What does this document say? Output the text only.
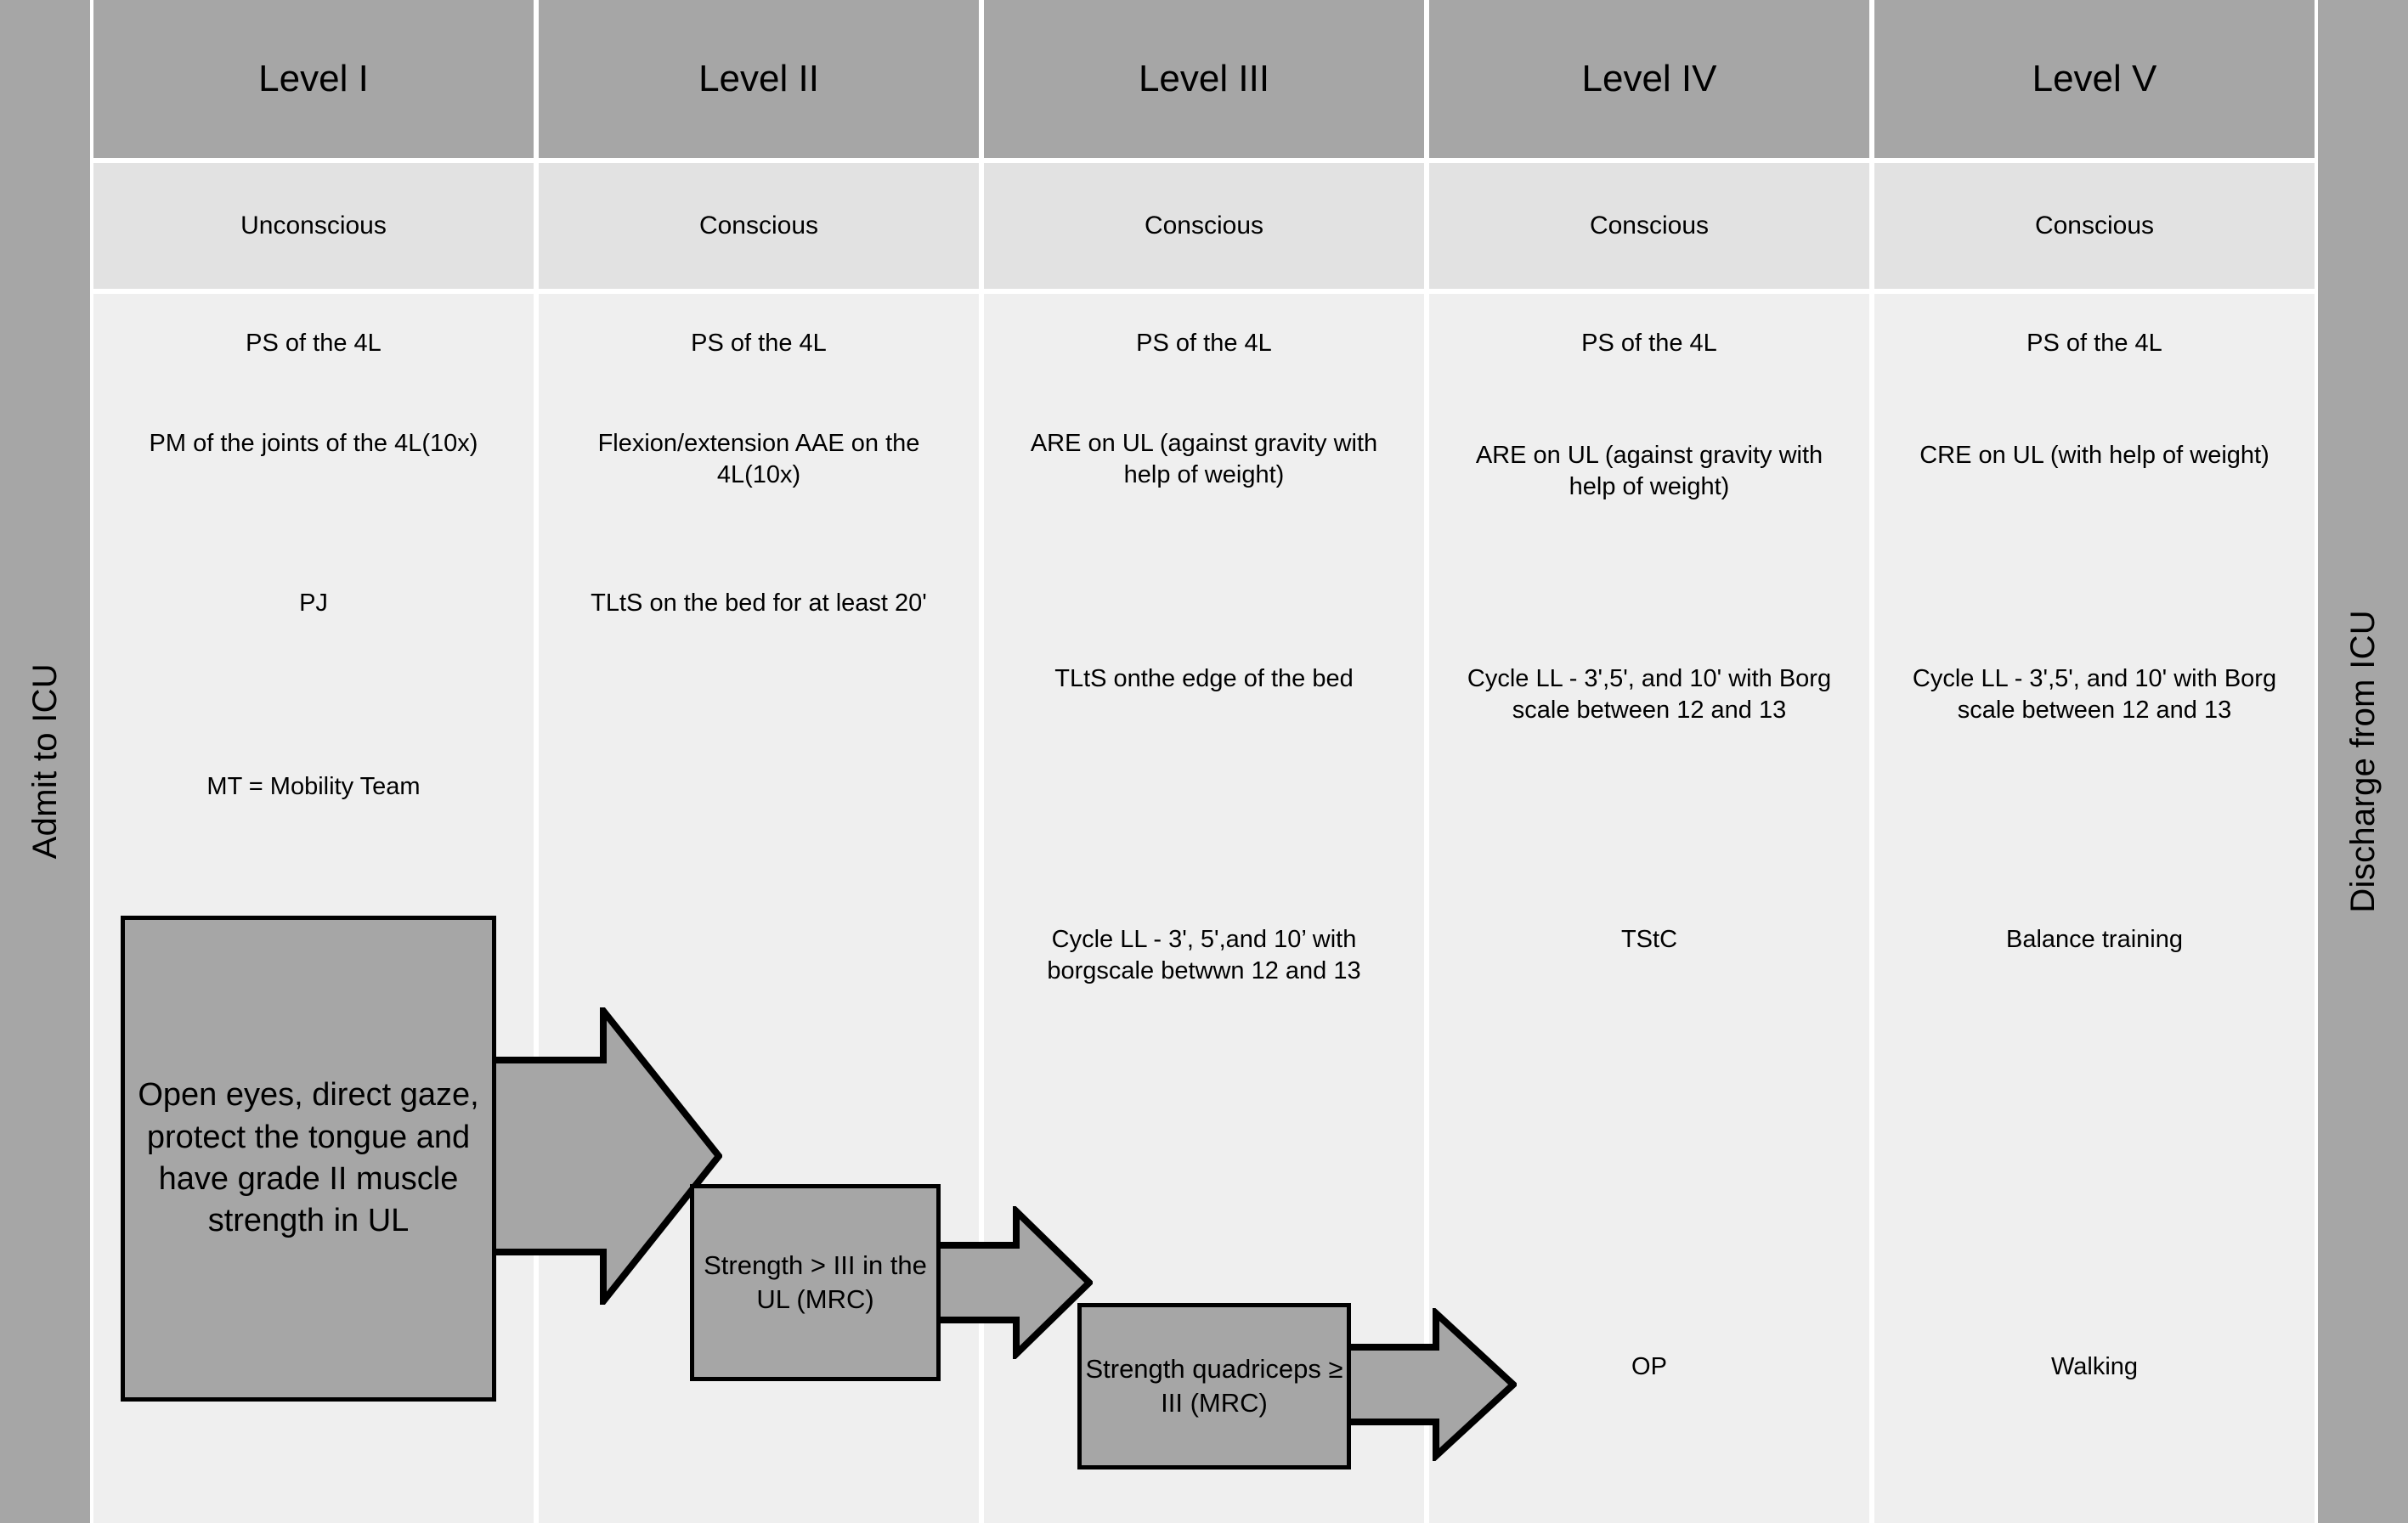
Admit to ICU	Discharge from ICU
Level I
Unconscious
PS of the 4L
PM of the joints of the 4L(10x)
PJ
MT = Mobility Team
Level II
Conscious
PS of the 4L
Flexion/extension AAE on the 4L(10x)
TLtS on the bed for at least 20'
Level III
Conscious
PS of the 4L
ARE on UL (against gravity with help of weight)
TLtS onthe edge of the bed
Cycle LL - 3', 5',and 10’ with borgscale betwwn 12 and 13
Level IV
Conscious
PS of the 4L
ARE on UL (against gravity with help of weight)
Cycle LL - 3',5', and 10' with Borg scale between 12 and 13
TStC
OP
Level V
Conscious
PS of the 4L
CRE on UL (with help of weight)
Cycle LL - 3',5', and 10' with Borg scale between 12 and 13
Balance training
Walking
Open eyes, direct gaze, protect the tongue and have grade II muscle strength in UL
Strength > III in the UL (MRC)
Strength quadriceps ≥ III (MRC)
